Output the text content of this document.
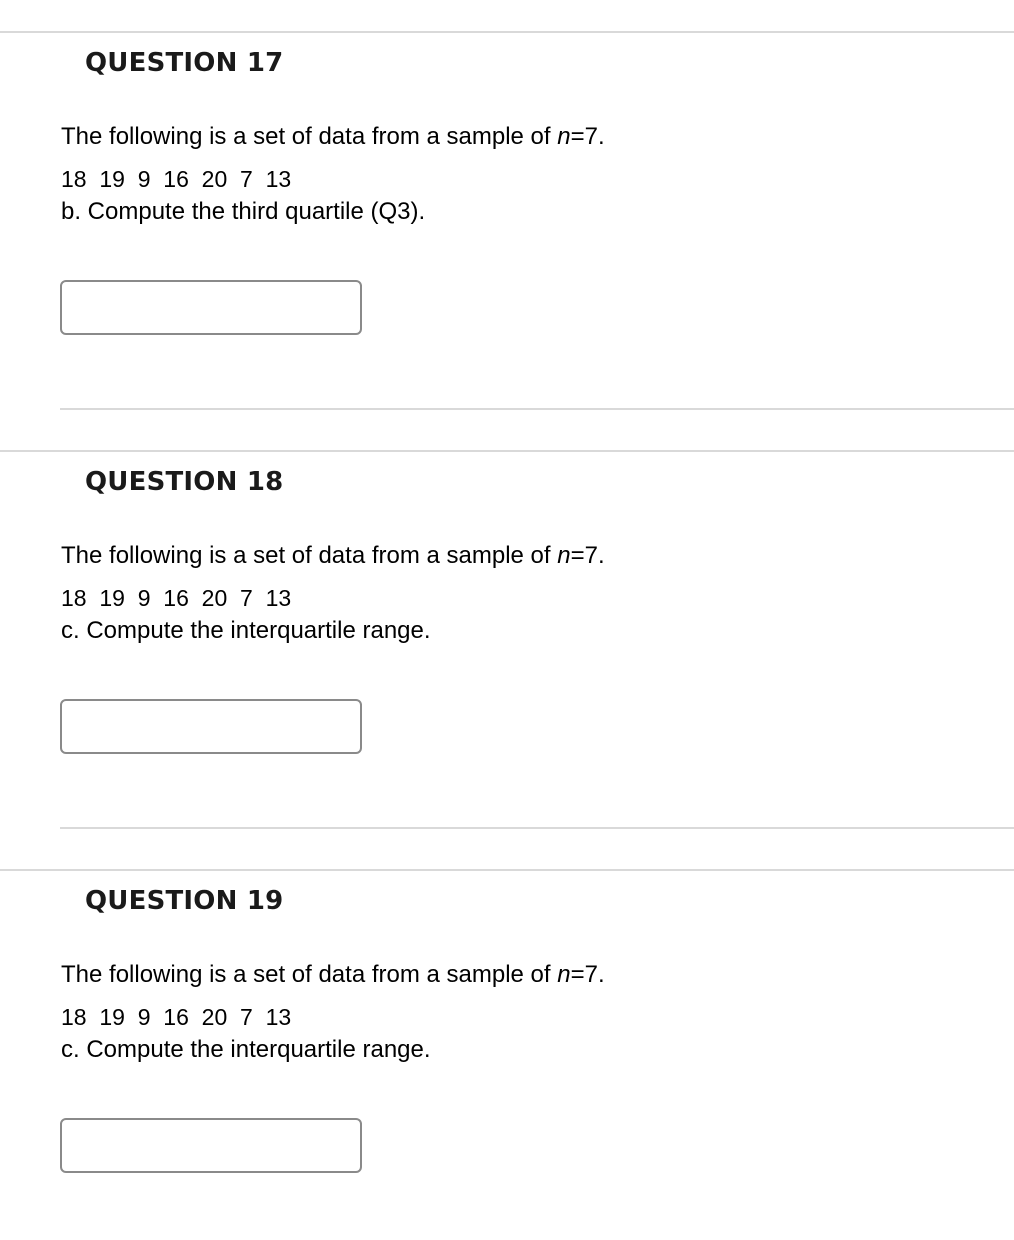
QUESTION 17
The following is a set of data from a sample of n=7.
18  19  9  16  20  7  13
b. Compute the third quartile (Q3).
QUESTION 18
The following is a set of data from a sample of n=7.
18  19  9  16  20  7  13
c. Compute the interquartile range.
QUESTION 19
The following is a set of data from a sample of n=7.
18  19  9  16  20  7  13
c. Compute the interquartile range.
